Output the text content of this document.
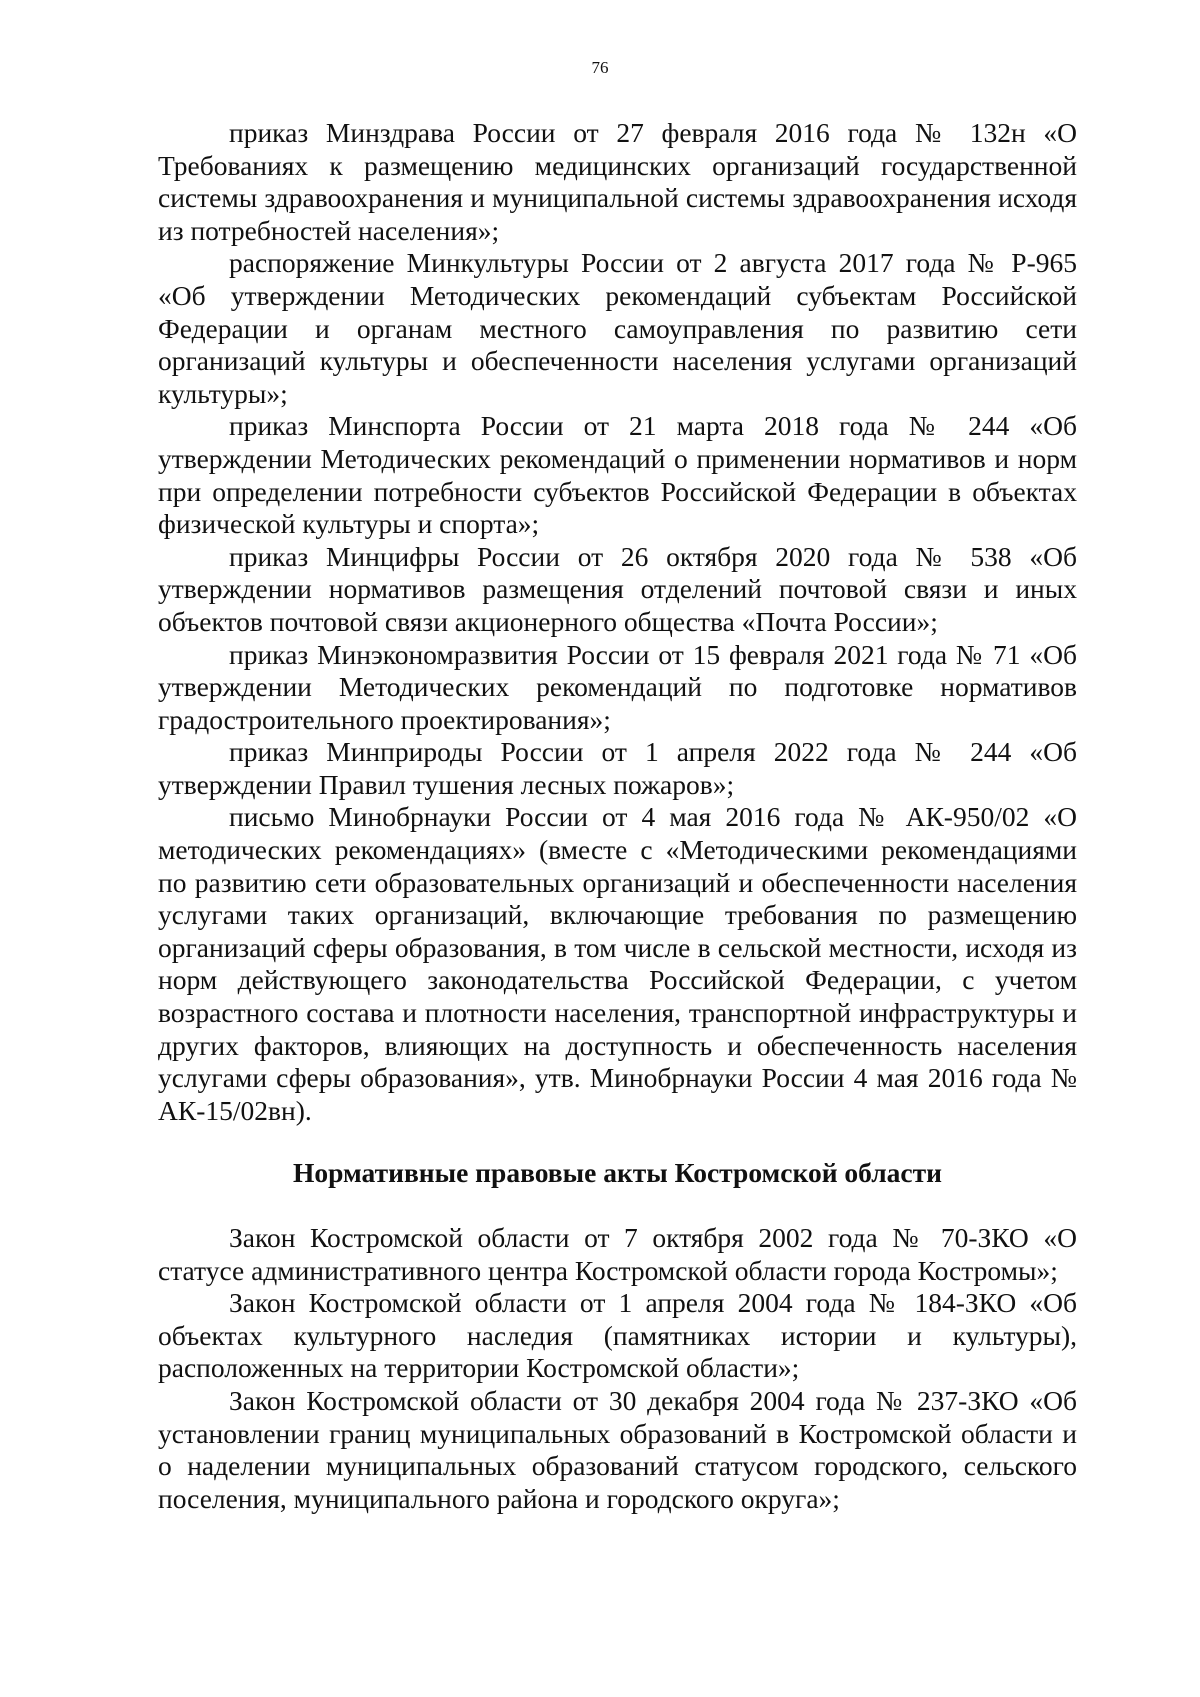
76

приказ Минздрава России от 27 февраля 2016 года № 132н «О Требованиях к размещению медицинских организаций государственной системы здравоохранения и муниципальной системы здравоохранения исходя из потребностей населения»;

распоряжение Минкультуры России от 2 августа 2017 года № Р-965 «Об утверждении Методических рекомендаций субъектам Российской Федерации и органам местного самоуправления по развитию сети организаций культуры и обеспеченности населения услугами организаций культуры»;

приказ Минспорта России от 21 марта 2018 года № 244 «Об утверждении Методических рекомендаций о применении нормативов и норм при определении потребности субъектов Российской Федерации в объектах физической культуры и спорта»;

приказ Минцифры России от 26 октября 2020 года № 538 «Об утверждении нормативов размещения отделений почтовой связи и иных объектов почтовой связи акционерного общества «Почта России»;

приказ Минэкономразвития России от 15 февраля 2021 года № 71 «Об утверждении Методических рекомендаций по подготовке нормативов градостроительного проектирования»;

приказ Минприроды России от 1 апреля 2022 года № 244 «Об утверждении Правил тушения лесных пожаров»;

письмо Минобрнауки России от 4 мая 2016 года № АК-950/02 «О методических рекомендациях» (вместе с «Методическими рекомендациями по развитию сети образовательных организаций и обеспеченности населения услугами таких организаций, включающие требования по размещению организаций сферы образования, в том числе в сельской местности, исходя из норм действующего законодательства Российской Федерации, с учетом возрастного состава и плотности населения, транспортной инфраструктуры и других факторов, влияющих на доступность и обеспеченность населения услугами сферы образования», утв. Минобрнауки России 4 мая 2016 года № АК-15/02вн).

Нормативные правовые акты Костромской области

Закон Костромской области от 7 октября 2002 года № 70-ЗКО «О статусе административного центра Костромской области города Костромы»;

Закон Костромской области от 1 апреля 2004 года № 184-ЗКО «Об объектах культурного наследия (памятниках истории и культуры), расположенных на территории Костромской области»;

Закон Костромской области от 30 декабря 2004 года № 237-ЗКО «Об установлении границ муниципальных образований в Костромской области и о наделении муниципальных образований статусом городского, сельского поселения, муниципального района и городского округа»;
